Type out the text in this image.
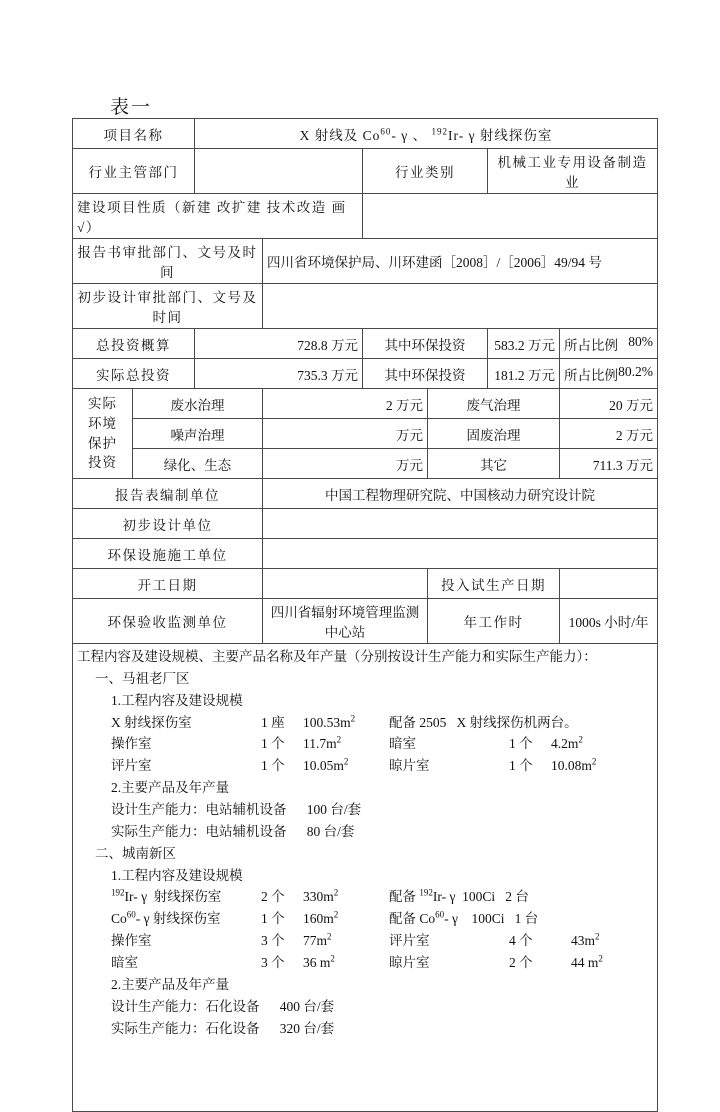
表一
项目名称		X 射线及 Co$^{60}$- γ 、 $^{192}$Ir- γ 射线探伤室					
行业主管部门				行业类别		机械工业专用设备制造业	
建设项目性质（新建 改扩建 技术改造 画√）							
报告书审批部门、文号及时间			四川省环境保护局、川环建函［2008］/［2006］49/94 号				
初步设计审批部门、文号及时间							
总投资概算		728.8 万元		其中环保投资		583.2 万元	所占比例 80%

实际总投资		735.3 万元		其中环保投资		181.2 万元	所占比例 80.2%

实际
环境
保护
投资	废水治理		2 万元		废气治理		20 万元
	噪声治理		万元		固废治理		2 万元
	绿化、生态		万元		其它		711.3 万元
报告表编制单位			中国工程物理研究院、中国核动力研究设计院				
初步设计单位							
环保设施施工单位							
开工日期					投入试生产日期		
环保验收监测单位			四川省辐射环境管理监测中心站		年工作时		1000s 小时/年

工程内容及建设规模、主要产品名称及年产量（分别按设计生产能力和实际生产能力）：
一、马祖老厂区
1.工程内容及建设规模
X 射线探伤室	1 座 $100.53m^2$	配备 2505   X 射线探伤机两台。
操作室	1 个 $11.7m^2$	暗室	1 个 $4.2m^2$
评片室	1 个 $10.05m^2$	晾片室	1 个 $10.08m^2$
2.主要产品及年产量
设计生产能力：电站辅机设备      100 台/套
实际生产能力：电站辅机设备      80 台/套
二、城南新区
1.工程内容及建设规模
$^{192}$Ir- γ  射线探伤室	2 个 $330m^2$	配备 $^{192}$Ir- γ  100Ci   2 台
Co$^{60}$- γ 射线探伤室	1 个 $160m^2$	配备 Co$^{60}$- γ    100Ci   1 台
操作室	3 个 $77m^2$	评片室	4 个	$43m^2$
暗室	3 个 36 $m^2$	晾片室	2 个	44 $m^2$
2.主要产品及年产量
设计生产能力：石化设备      400 台/套
实际生产能力：石化设备      320 台/套
